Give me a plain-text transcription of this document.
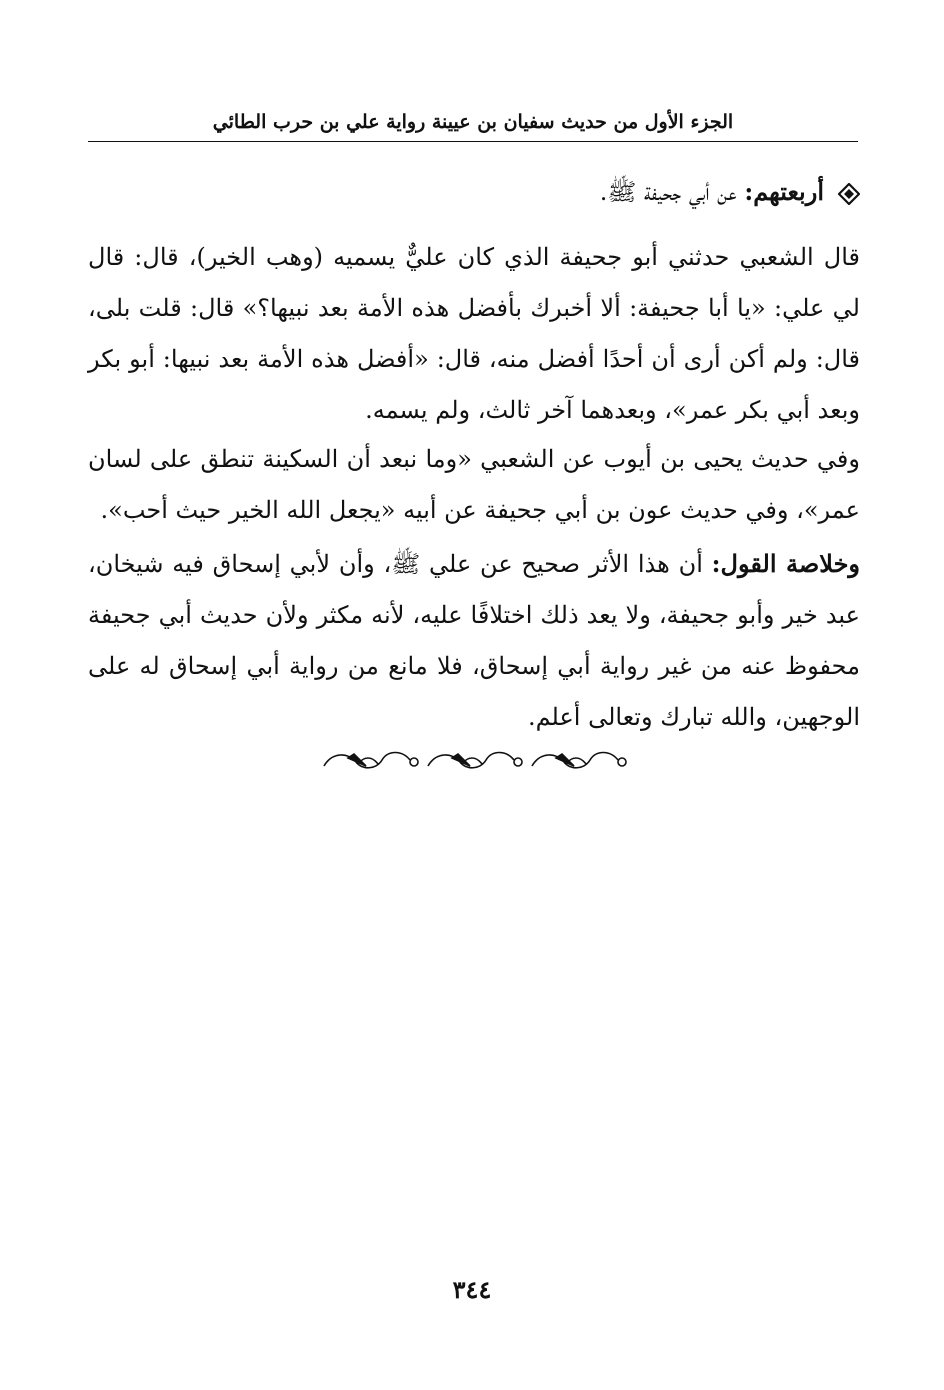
الجزء الأول من حديث سفيان بن عيينة رواية علي بن حرب الطائي
أربعتهم: عن أبي جحيفة ﷺ.
قال الشعبي حدثني أبو جحيفة الذي كان عليٌّ يسميه (وهب الخير)، قال: قال لي علي: «يا أبا جحيفة: ألا أخبرك بأفضل هذه الأمة بعد نبيها؟» قال: قلت بلى، قال: ولم أكن أرى أن أحدًا أفضل منه، قال: «أفضل هذه الأمة بعد نبيها: أبو بكر وبعد أبي بكر عمر»، وبعدهما آخر ثالث، ولم يسمه.
وفي حديث يحيى بن أيوب عن الشعبي «وما نبعد أن السكينة تنطق على لسان عمر»، وفي حديث عون بن أبي جحيفة عن أبيه «يجعل الله الخير حيث أحب».
وخلاصة القول: أن هذا الأثر صحيح عن علي ﷺ، وأن لأبي إسحاق فيه شيخان، عبد خير وأبو جحيفة، ولا يعد ذلك اختلافًا عليه، لأنه مكثر ولأن حديث أبي جحيفة محفوظ عنه من غير رواية أبي إسحاق، فلا مانع من رواية أبي إسحاق له على الوجهين، والله تبارك وتعالى أعلم.
٣٤٤
